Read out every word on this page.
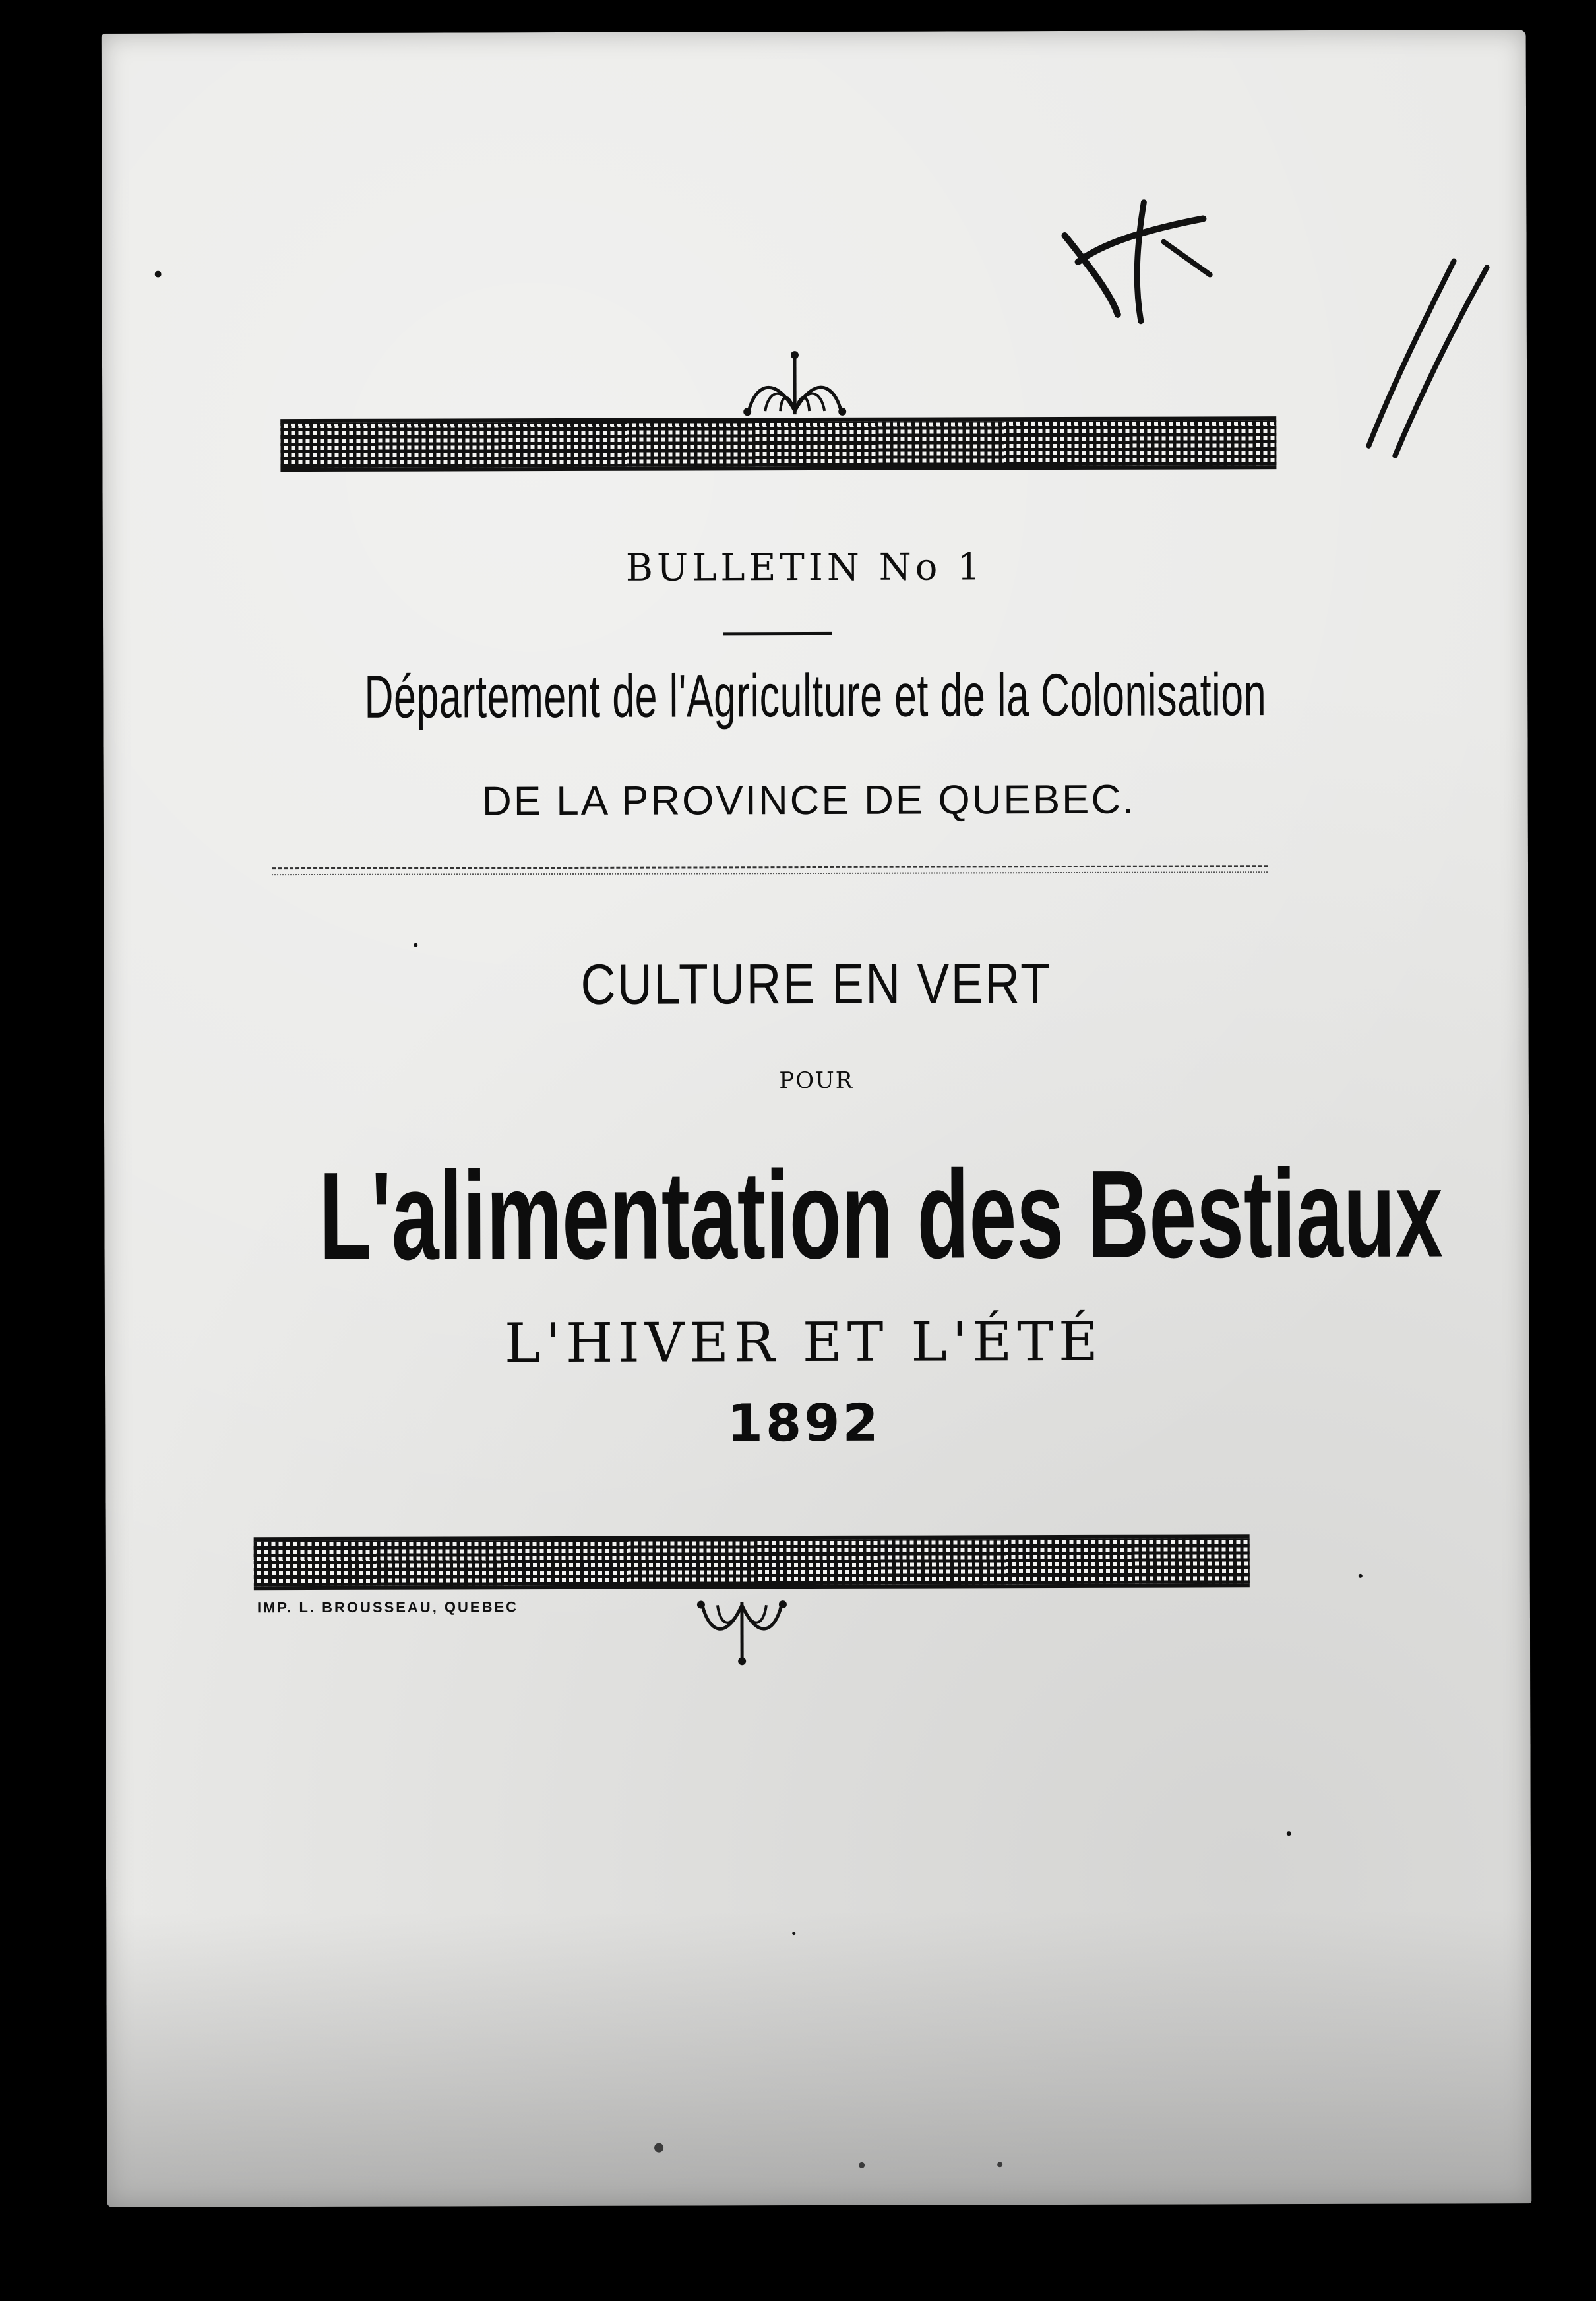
BULLETIN No 1
Département de l'Agriculture et de la Colonisation
DE LA PROVINCE DE QUEBEC.
CULTURE EN VERT
POUR
L'alimentation des Bestiaux
L'HIVER ET L'ÉTÉ
1892
IMP. L. BROUSSEAU, QUEBEC
